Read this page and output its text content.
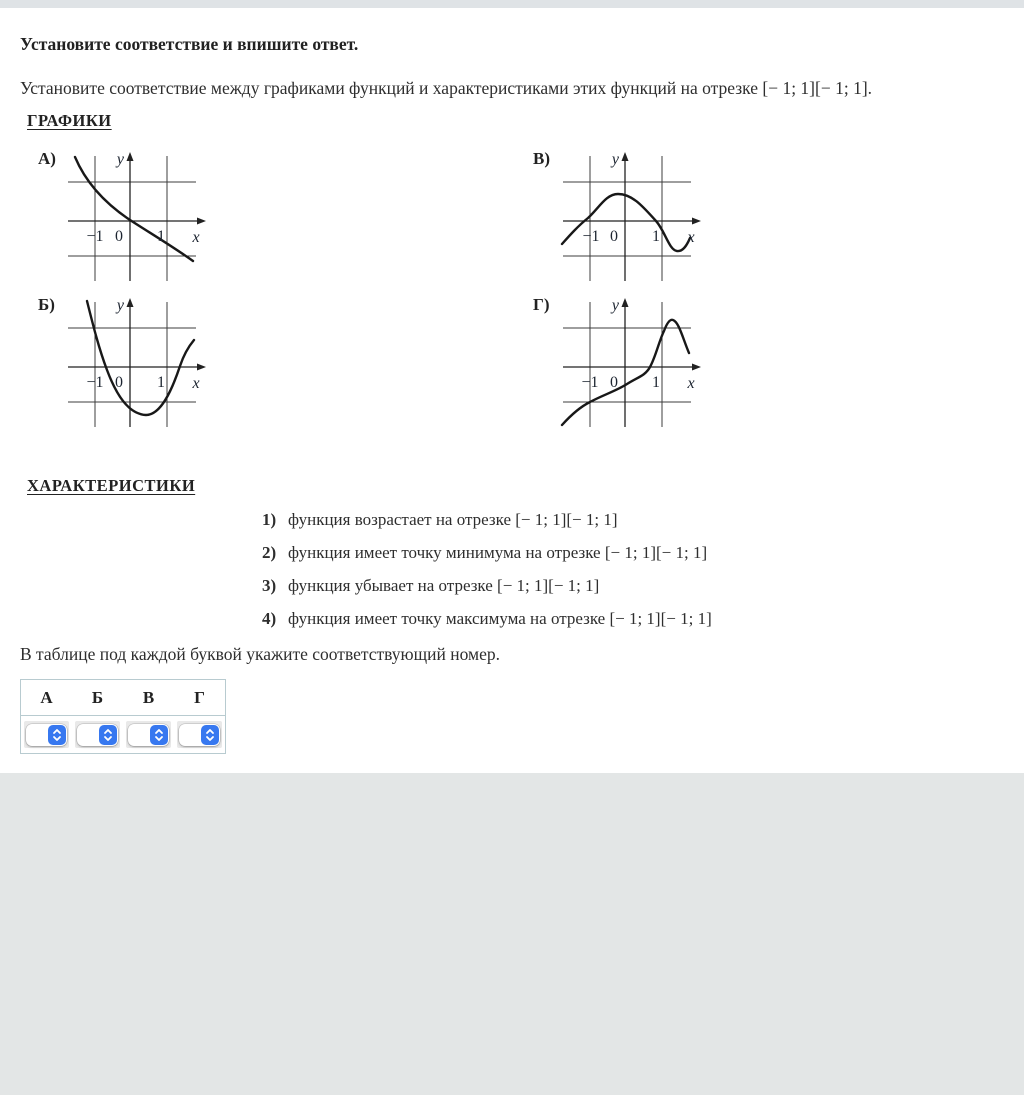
Установите соответствие и впишите ответ.
Установите соответствие между графиками функций и характеристиками этих функций на отрезке [− 1; 1][− 1; 1].
ГРАФИКИ
А)
−1 0 1 x
y	В)
−1 0 1 x
y
Б)
−1 0 1 x
y	Г)
−1 0 1 x
y
ХАРАКТЕРИСТИКИ
1) функция возрастает на отрезке [− 1; 1][− 1; 1]
2) функция имеет точку минимума на отрезке [− 1; 1][− 1; 1]
3) функция убывает на отрезке [− 1; 1][− 1; 1]
4) функция имеет точку максимума на отрезке [− 1; 1][− 1; 1]
В таблице под каждой буквой укажите соответствующий номер.
А	Б	В	Г
